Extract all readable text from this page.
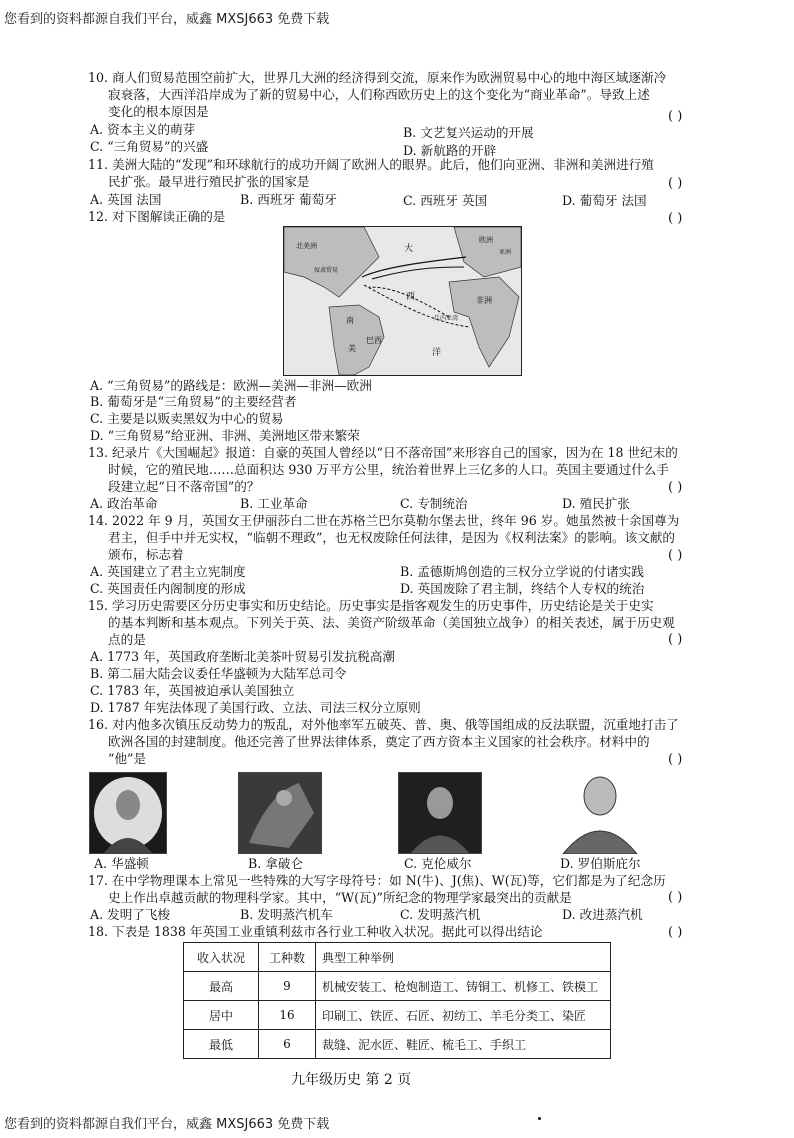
您看到的资料都源自我们平台，威鑫 MXSJ663 免费下载
10. 商人们贸易范围空前扩大，世界几大洲的经济得到交流，原来作为欧洲贸易中心的地中海区域逐渐冷
寂衰落，大西洋沿岸成为了新的贸易中心，人们称西欧历史上的这个变化为“商业革命”。导致上述
变化的根本原因是	( )
A. 资本主义的萌芽	B. 文艺复兴运动的开展
C. “三角贸易”的兴盛	D. 新航路的开辟
11. 美洲大陆的“发现”和环球航行的成功开阔了欧洲人的眼界。此后，他们向亚洲、非洲和美洲进行殖
民扩张。最早进行殖民扩张的国家是	( )
A. 英国 法国	B. 西班牙 葡萄牙	C. 西班牙 英国	D. 葡萄牙 法国
12. 对下图解读正确的是	( )
北美洲	大
西
洋
南
美
巴西
非洲
欧洲
奴隶贸易
几内亚湾
亚洲
A. “三角贸易”的路线是：欧洲—美洲—非洲—欧洲
B. 葡萄牙是“三角贸易”的主要经营者
C. 主要是以贩卖黑奴为中心的贸易
D. “三角贸易”给亚洲、非洲、美洲地区带来繁荣
13. 纪录片《大国崛起》报道：自豪的英国人曾经以“日不落帝国”来形容自己的国家，因为在 18 世纪末的
时候，它的殖民地……总面积达 930 万平方公里，统治着世界上三亿多的人口。英国主要通过什么手
段建立起“日不落帝国”的？	( )
A. 政治革命	B. 工业革命	C. 专制统治	D. 殖民扩张
14. 2022 年 9 月，英国女王伊丽莎白二世在苏格兰巴尔莫勒尔堡去世，终年 96 岁。她虽然被十余国尊为
君主，但手中并无实权，“临朝不理政”，也无权废除任何法律，是因为《权利法案》的影响。该文献的
颁布，标志着	( )
A. 英国建立了君主立宪制度	B. 孟德斯鸠创造的三权分立学说的付诸实践
C. 英国责任内阁制度的形成	D. 英国废除了君主制，终结个人专权的统治
15. 学习历史需要区分历史事实和历史结论。历史事实是指客观发生的历史事件，历史结论是关于史实
的基本判断和基本观点。下列关于英、法、美资产阶级革命（美国独立战争）的相关表述，属于历史观
点的是	( )
A. 1773 年，英国政府垄断北美茶叶贸易引发抗税高潮
B. 第二届大陆会议委任华盛顿为大陆军总司令
C. 1783 年，英国被迫承认美国独立
D. 1787 年宪法体现了美国行政、立法、司法三权分立原则
16. 对内他多次镇压反动势力的叛乱，对外他率军五破英、普、奥、俄等国组成的反法联盟，沉重地打击了
欧洲各国的封建制度。他还完善了世界法律体系，奠定了西方资本主义国家的社会秩序。材料中的
“他”是	( )
A. 华盛顿	B. 拿破仑	C. 克伦威尔	D. 罗伯斯庇尔
17. 在中学物理课本上常见一些特殊的大写字母符号：如 N(牛)、J(焦)、W(瓦)等，它们都是为了纪念历
史上作出卓越贡献的物理科学家。其中，“W(瓦)”所纪念的物理学家最突出的贡献是	( )
A. 发明了飞梭	B. 发明蒸汽机车	C. 发明蒸汽机	D. 改进蒸汽机
18. 下表是 1838 年英国工业重镇利兹市各行业工种收入状况。据此可以得出结论	( )
收入状况	工种数	典型工种举例
最高	9	机械安装工、枪炮制造工、铸铜工、机修工、铁模工
居中	16	印刷工、铁匠、石匠、初纺工、羊毛分类工、染匠
最低	6	裁缝、泥水匠、鞋匠、梳毛工、手织工
九年级历史 第 2 页
您看到的资料都源自我们平台，威鑫 MXSJ663 免费下载
